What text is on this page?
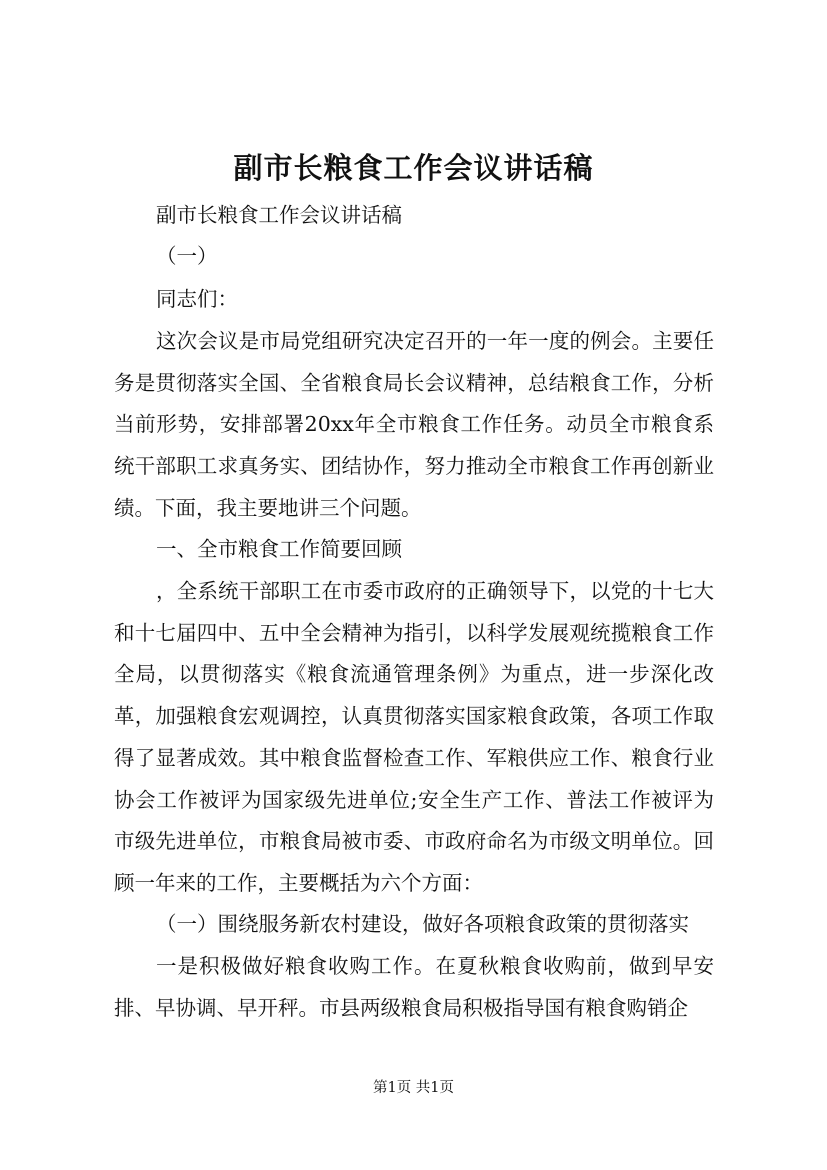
副市长粮食工作会议讲话稿
副市长粮食工作会议讲话稿
（一）
同志们：
这次会议是市局党组研究决定召开的一年一度的例会。主要任务是贯彻落实全国、全省粮食局长会议精神，总结粮食工作，分析当前形势，安排部署20xx年全市粮食工作任务。动员全市粮食系统干部职工求真务实、团结协作，努力推动全市粮食工作再创新业绩。下面，我主要地讲三个问题。
一、全市粮食工作简要回顾
，全系统干部职工在市委市政府的正确领导下，以党的十七大和十七届四中、五中全会精神为指引，以科学发展观统揽粮食工作全局，以贯彻落实《粮食流通管理条例》为重点，进一步深化改革，加强粮食宏观调控，认真贯彻落实国家粮食政策，各项工作取得了显著成效。其中粮食监督检查工作、军粮供应工作、粮食行业协会工作被评为国家级先进单位;安全生产工作、普法工作被评为市级先进单位，市粮食局被市委、市政府命名为市级文明单位。回顾一年来的工作，主要概括为六个方面：
（一）围绕服务新农村建设，做好各项粮食政策的贯彻落实
一是积极做好粮食收购工作。在夏秋粮食收购前，做到早安排、早协调、早开秤。市县两级粮食局积极指导国有粮食购销企
第1页 共1页
